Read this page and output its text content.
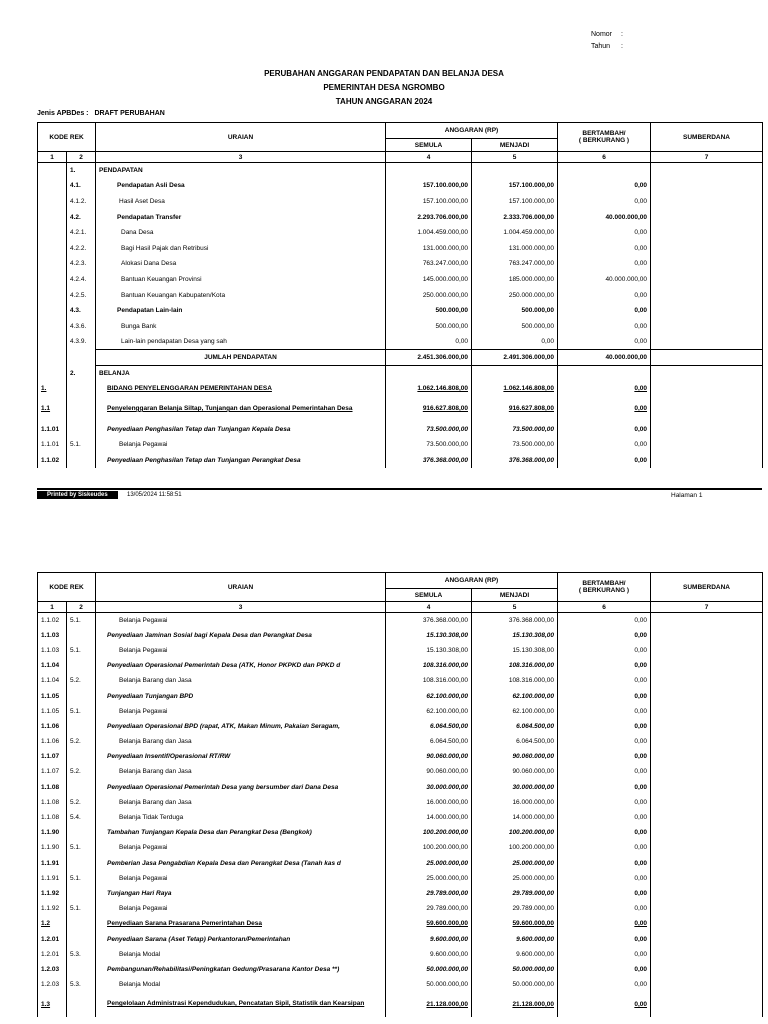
Nomor :
Tahun :
PERUBAHAN ANGGARAN PENDAPATAN DAN BELANJA DESA
PEMERINTAH DESA NGROMBO
TAHUN ANGGARAN 2024
Jenis APBDes : DRAFT PERUBAHAN
KODE REK		URAIAN	ANGGARAN (RP)		BERTAMBAH/
( BERKURANG )	SUMBERDANA
			SEMULA	MENJADI		
1	2	3	4	5	6	7
	1.	PENDAPATAN				
	4.1.	Pendapatan Asli Desa	157.100.000,00	157.100.000,00	0,00	
	4.1.2.	Hasil Aset Desa	157.100.000,00	157.100.000,00	0,00	
	4.2.	Pendapatan Transfer	2.293.706.000,00	2.333.706.000,00	40.000.000,00	
	4.2.1.	Dana Desa	1.004.459.000,00	1.004.459.000,00	0,00	
	4.2.2.	Bagi Hasil Pajak dan Retribusi	131.000.000,00	131.000.000,00	0,00	
	4.2.3.	Alokasi Dana Desa	763.247.000,00	763.247.000,00	0,00	
	4.2.4.	Bantuan Keuangan Provinsi	145.000.000,00	185.000.000,00	40.000.000,00	
	4.2.5.	Bantuan Keuangan Kabupaten/Kota	250.000.000,00	250.000.000,00	0,00	
	4.3.	Pendapatan Lain-lain	500.000,00	500.000,00	0,00	
	4.3.6.	Bunga Bank	500.000,00	500.000,00	0,00	
	4.3.9.	Lain-lain pendapatan Desa yang sah	0,00	0,00	0,00	
		JUMLAH PENDAPATAN	2.451.306.000,00	2.491.306.000,00	40.000.000,00	
	2.	BELANJA				
1.		BIDANG PENYELENGGARAN PEMERINTAHAN DESA	1.062.146.808,00	1.062.146.808,00	0,00	
1.1		Penyelenggaran Belanja Siltap, Tunjangan dan Operasional Pemerintahan Desa	916.627.808,00	916.627.808,00	0,00	
1.1.01		Penyediaan Penghasilan Tetap dan Tunjangan Kepala Desa	73.500.000,00	73.500.000,00	0,00	
1.1.01	5.1.	Belanja Pegawai	73.500.000,00	73.500.000,00	0,00	
1.1.02		Penyediaan Penghasilan Tetap dan Tunjangan Perangkat Desa	376.368.000,00	376.368.000,00	0,00	
Printed by Siskeudes	13/05/2024 11:58:51	Halaman 1
KODE REK		URAIAN	ANGGARAN (RP)		BERTAMBAH/
( BERKURANG )	SUMBERDANA
			SEMULA	MENJADI		
1	2	3	4	5	6	7
1.1.02	5.1.	Belanja Pegawai	376.368.000,00	376.368.000,00	0,00	
1.1.03		Penyediaan Jaminan Sosial bagi Kepala Desa dan Perangkat Desa	15.130.308,00	15.130.308,00	0,00	
1.1.03	5.1.	Belanja Pegawai	15.130.308,00	15.130.308,00	0,00	
1.1.04		Penyediaan Operasional Pemerintah Desa (ATK, Honor PKPKD dan PPKD d	108.316.000,00	108.316.000,00	0,00	
1.1.04	5.2.	Belanja Barang dan Jasa	108.316.000,00	108.316.000,00	0,00	
1.1.05		Penyediaan Tunjangan BPD	62.100.000,00	62.100.000,00	0,00	
1.1.05	5.1.	Belanja Pegawai	62.100.000,00	62.100.000,00	0,00	
1.1.06		Penyediaan Operasional BPD (rapat, ATK, Makan Minum, Pakaian Seragam,	6.064.500,00	6.064.500,00	0,00	
1.1.06	5.2.	Belanja Barang dan Jasa	6.064.500,00	6.064.500,00	0,00	
1.1.07		Penyediaan Insentif/Operasional RT/RW	90.060.000,00	90.060.000,00	0,00	
1.1.07	5.2.	Belanja Barang dan Jasa	90.060.000,00	90.060.000,00	0,00	
1.1.08		Penyediaan Operasional Pemerintah Desa yang bersumber dari Dana Desa	30.000.000,00	30.000.000,00	0,00	
1.1.08	5.2.	Belanja Barang dan Jasa	16.000.000,00	16.000.000,00	0,00	
1.1.08	5.4.	Belanja Tidak Terduga	14.000.000,00	14.000.000,00	0,00	
1.1.90		Tambahan Tunjangan Kepala Desa dan Perangkat Desa (Bengkok)	100.200.000,00	100.200.000,00	0,00	
1.1.90	5.1.	Belanja Pegawai	100.200.000,00	100.200.000,00	0,00	
1.1.91		Pemberian Jasa Pengabdian Kepala Desa dan Perangkat Desa (Tanah kas d	25.000.000,00	25.000.000,00	0,00	
1.1.91	5.1.	Belanja Pegawai	25.000.000,00	25.000.000,00	0,00	
1.1.92		Tunjangan Hari Raya	29.789.000,00	29.789.000,00	0,00	
1.1.92	5.1.	Belanja Pegawai	29.789.000,00	29.789.000,00	0,00	
1.2		Penyediaan Sarana Prasarana Pemerintahan Desa	59.600.000,00	59.600.000,00	0,00	
1.2.01		Penyediaan Sarana (Aset Tetap) Perkantoran/Pemerintahan	9.600.000,00	9.600.000,00	0,00	
1.2.01	5.3.	Belanja Modal	9.600.000,00	9.600.000,00	0,00	
1.2.03		Pembangunan/Rehabilitasi/Peningkatan Gedung/Prasarana Kantor Desa **)	50.000.000,00	50.000.000,00	0,00	
1.2.03	5.3.	Belanja Modal	50.000.000,00	50.000.000,00	0,00	
1.3		Pengelolaan Administrasi Kependudukan, Pencatatan Sipil, Statistik dan Kearsipan	21.128.000,00	21.128.000,00	0,00	
